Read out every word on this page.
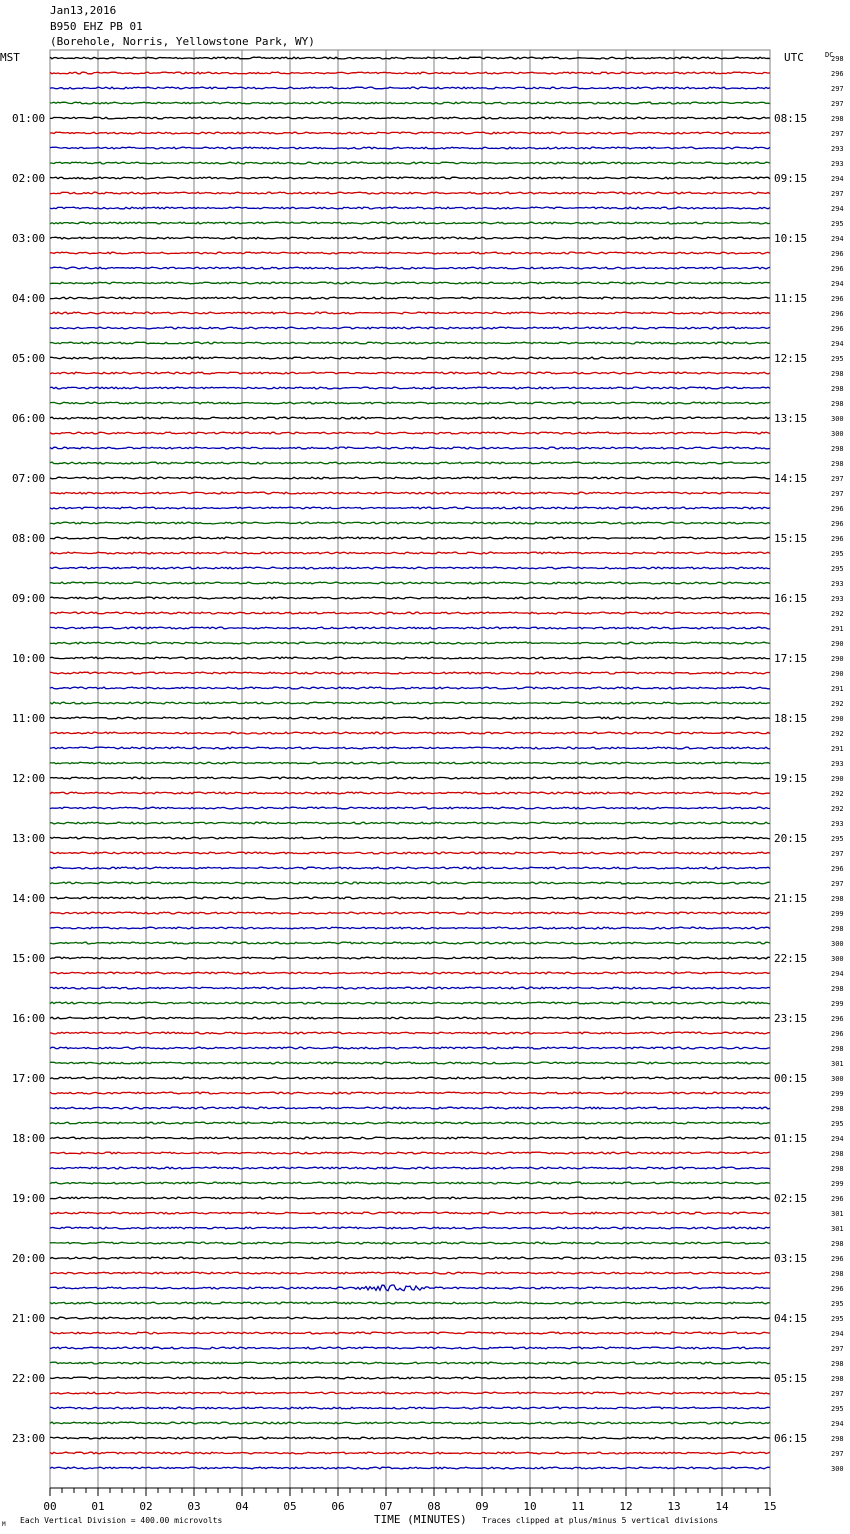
Jan13,2016
B950 EHZ PB 01
(Borehole, Norris, Yellowstone Park, WY)
298
296
297
297
298
297
293
293
294
297
294
295
294
296
296
294
296
296
296
294
295
298
298
298
300
300
298
298
297
297
296
296
296
295
295
293
293
292
291
290
290
290
291
292
290
292
291
293
290
292
292
293
295
297
296
297
298
299
298
300
300
294
298
299
296
296
298
301
300
299
298
295
294
298
298
299
296
301
301
298
296
298
296
295
295
294
297
298
298
297
295
294
298
297
300
MST	UTC	DC
01:00
02:00
03:00
04:00
05:00
06:00
07:00
08:00
09:00
10:00
11:00
12:00
13:00
14:00
15:00
16:00
17:00
18:00
19:00
20:00
21:00
22:00
23:00
08:15
09:15
10:15
11:15
12:15
13:15
14:15
15:15
16:15
17:15
18:15
19:15
20:15
21:15
22:15
23:15
00:15
01:15
02:15
03:15
04:15
05:15
06:15
00	01	02	03	04	05	06	07	08	09	10	11	12	13	14	15
M Each Vertical Division = 400.00 microvolts	TIME (MINUTES) Traces clipped at plus/minus 5 vertical divisions
